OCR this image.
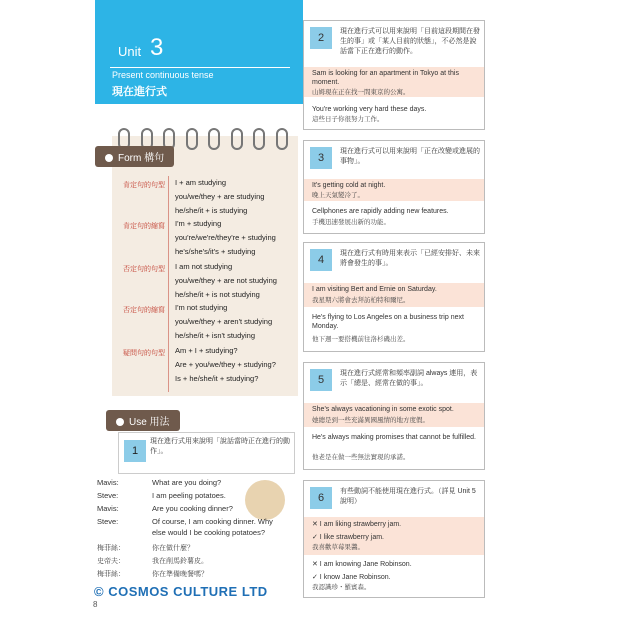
Unit 3
Present continuous tense
現在進行式
Form 構句
肯定句的句型 I + am studying
you/we/they + are studying
he/she/it + is studying
肯定句的縮寫 I'm + studying
you're/we're/they're + studying
he's/she's/it's + studying
否定句的句型 I am not studying
you/we/they + are not studying
he/she/it + is not studying
否定句的縮寫 I'm not studying
you/we/they + aren't studying
he/she/it + isn't studying
疑問句的句型 Am + I + studying?
Are + you/we/they + studying?
Is + he/she/it + studying?
Use 用法
1
現在進行式用來說明「說話當時正在進行的動作」。
Mavis:	What are you doing?
Steve:	I am peeling potatoes.
Mavis:	Are you cooking dinner?
Steve:	Of course, I am cooking dinner. Why
else would I be cooking potatoes?
梅菲絲：	你在做什麼？
史帝夫：	我在削馬鈴薯皮。
梅菲絲：	你在準備晚餐嗎？
© COSMOS CULTURE LTD
8
2
現在進行式可以用來說明「目前這段期間在發生的事」或「某人目前的狀態」，不必然是說話當下正在進行的動作。
Sam is looking for an apartment in Tokyo at this moment.
山姆現在正在找一間東京的公寓。
You're working very hard these days.
這些日子你很努力工作。
3
現在進行式可以用來說明「正在改變或進展的事物」。
It's getting cold at night.
晚上天氣變冷了。
Cellphones are rapidly adding new features.
手機迅速發展出新的功能。
4
現在進行式有時用來表示「已經安排好、未來將會發生的事」。
I am visiting Bert and Ernie on Saturday.
我星期六將會去拜訪柏特和爾尼。
He's flying to Los Angeles on a business trip next Monday.
他下週一要搭機前往洛杉磯出差。
5
現在進行式經常和頻率副詞 always 連用，表示「總是、經常在做的事」。
She's always vacationing in some exotic spot.
她總是到一些充滿異國風情的地方度假。
He's always making promises that cannot be fulfilled.
他老是在做一些無法實現的承諾。
6
有些動詞不能使用現在進行式。（詳見 Unit 5 說明）
✕ I am liking strawberry jam.
✓ I like strawberry jam.
我喜歡草莓果醬。
✕ I am knowing Jane Robinson.
✓ I know Jane Robinson.
我認識珍・羅賓森。
